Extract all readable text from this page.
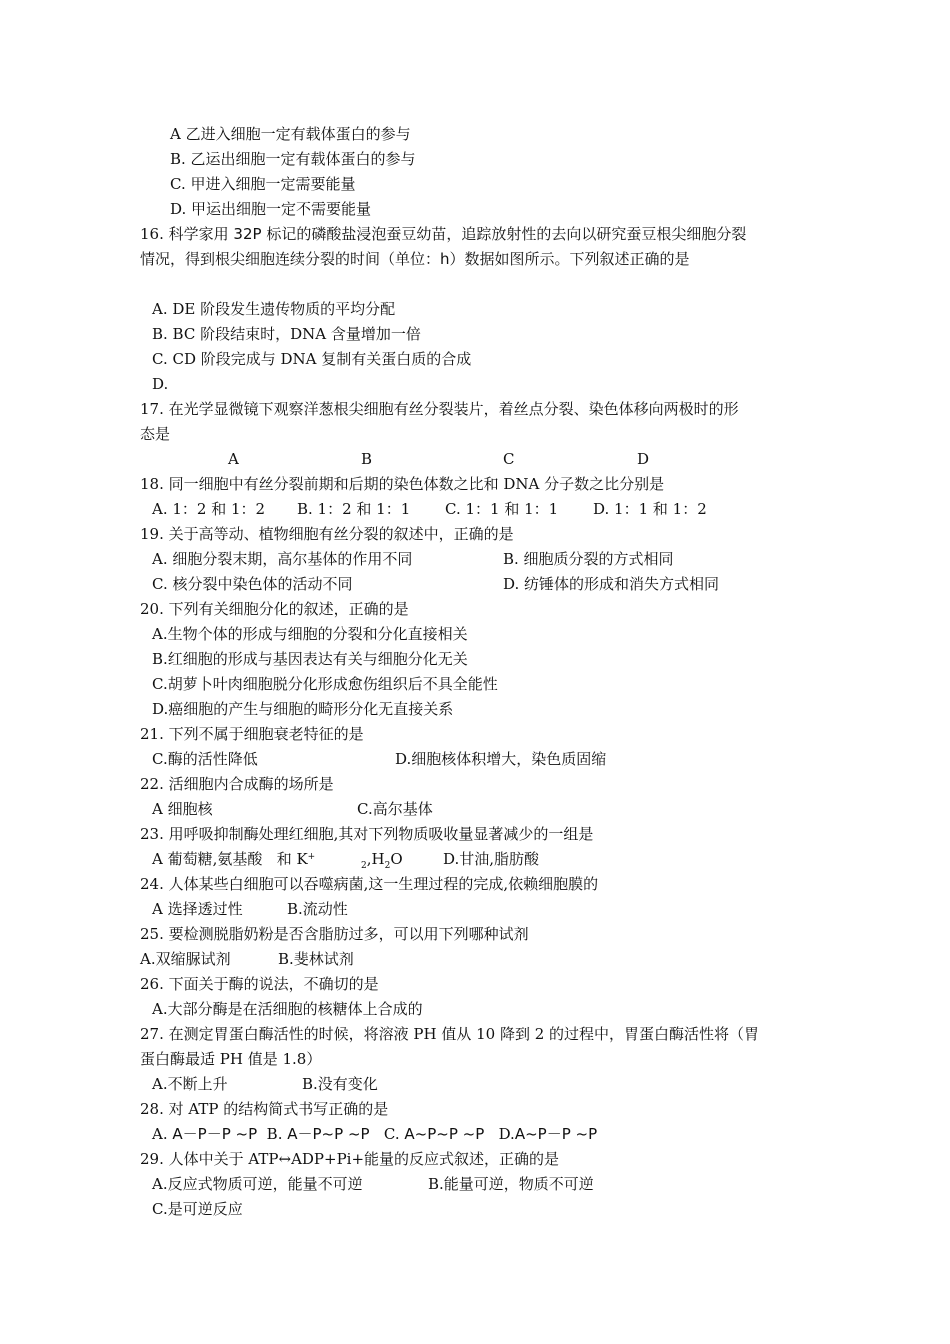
A 乙进入细胞一定有载体蛋白的参与
B. 乙运出细胞一定有载体蛋白的参与
C. 甲进入细胞一定需要能量
D. 甲运出细胞一定不需要能量
16. 科学家用 32P 标记的磷酸盐浸泡蚕豆幼苗，追踪放射性的去向以研究蚕豆根尖细胞分裂
情况，得到根尖细胞连续分裂的时间（单位：h）数据如图所示。下列叙述正确的是
A. DE 阶段发生遗传物质的平均分配
B. BC 阶段结束时，DNA 含量增加一倍
C. CD 阶段完成与 DNA 复制有关蛋白质的合成
D.
17. 在光学显微镜下观察洋葱根尖细胞有丝分裂装片，着丝点分裂、染色体移向两极时的形
态是
A	B	C	D
18. 同一细胞中有丝分裂前期和后期的染色体数之比和 DNA 分子数之比分别是
A. 1：2 和 1：2 B. 1：2 和 1：1 C. 1：1 和 1：1 D. 1：1 和 1：2
19. 关于高等动、植物细胞有丝分裂的叙述中，正确的是
A. 细胞分裂末期，高尔基体的作用不同	B. 细胞质分裂的方式相同
C. 核分裂中染色体的活动不同	D. 纺锤体的形成和消失方式相同
20. 下列有关细胞分化的叙述，正确的是
A.生物个体的形成与细胞的分裂和分化直接相关
B.红细胞的形成与基因表达有关与细胞分化无关
C.胡萝卜叶肉细胞脱分化形成愈伤组织后不具全能性
D.癌细胞的产生与细胞的畸形分化无直接关系
21. 下列不属于细胞衰老特征的是
C.酶的活性降低	D.细胞核体积增大，染色质固缩
22. 活细胞内合成酶的场所是
A 细胞核	C.高尔基体
23. 用呼吸抑制酶处理红细胞,其对下列物质吸收量显著减少的一组是
A 葡萄糖,氨基酸 和 K+
$_2,H_2O$	D.甘油,脂肪酸
24. 人体某些白细胞可以吞噬病菌,这一生理过程的完成,依赖细胞膜的
A 选择透过性	B.流动性
25. 要检测脱脂奶粉是否含脂肪过多，可以用下列哪种试剂
A.双缩脲试剂	B.斐林试剂
26. 下面关于酶的说法，不确切的是
A.大部分酶是在活细胞的核糖体上合成的
27. 在测定胃蛋白酶活性的时候，将溶液 PH 值从 10 降到 2 的过程中，胃蛋白酶活性将（胃
蛋白酶最适 PH 值是 1.8）
A.不断上升	B.没有变化
28. 对 ATP 的结构简式书写正确的是
A. A－P－P ~P B. A－P~P ~P C. A~P~P ~P D.A~P－P ~P
29. 人体中关于 ATP↔ADP+Pi+能量的反应式叙述，正确的是
A.反应式物质可逆，能量不可逆	B.能量可逆，物质不可逆
C.是可逆反应
